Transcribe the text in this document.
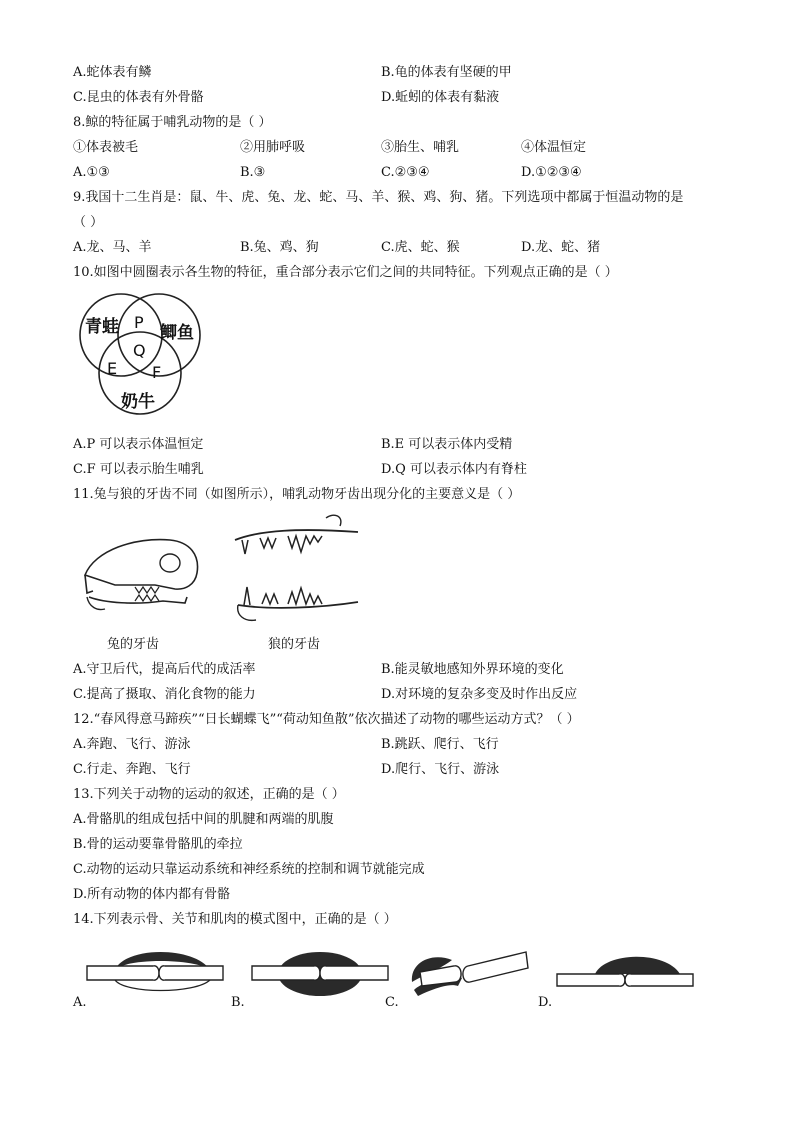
A.蛇体表有鳞	B.龟的体表有坚硬的甲
C.昆虫的体表有外骨骼	D.蚯蚓的体表有黏液
8.鲸的特征属于哺乳动物的是（ ）
①体表被毛	②用肺呼吸	③胎生、哺乳	④体温恒定
A.①③	B.③	C.②③④	D.①②③④
9.我国十二生肖是：鼠、牛、虎、兔、龙、蛇、马、羊、猴、鸡、狗、猪。下列选项中都属于恒温动物的是
（ ）
A.龙、马、羊	B.兔、鸡、狗	C.虎、蛇、猴	D.龙、蛇、猪
10.如图中圆圈表示各生物的特征，重合部分表示它们之间的共同特征。下列观点正确的是（ ）
青蛙 鲫鱼
奶牛
P
Q
E F
A.P 可以表示体温恒定	B.E 可以表示体内受精
C.F 可以表示胎生哺乳	D.Q 可以表示体内有脊柱
11.兔与狼的牙齿不同（如图所示），哺乳动物牙齿出现分化的主要意义是（ ）
兔的牙齿	狼的牙齿
A.守卫后代，提高后代的成活率	B.能灵敏地感知外界环境的变化
C.提高了摄取、消化食物的能力	D.对环境的复杂多变及时作出反应
12.“春风得意马蹄疾”“日长蝴蝶飞”“荷动知鱼散”依次描述了动物的哪些运动方式？（ ）
A.奔跑、飞行、游泳	B.跳跃、爬行、飞行
C.行走、奔跑、飞行	D.爬行、飞行、游泳
13.下列关于动物的运动的叙述，正确的是（ ）
A.骨骼肌的组成包括中间的肌腱和两端的肌腹
B.骨的运动要靠骨骼肌的牵拉
C.动物的运动只靠运动系统和神经系统的控制和调节就能完成
D.所有动物的体内都有骨骼
14.下列表示骨、关节和肌肉的模式图中，正确的是（ ）
A.	B.	C.	D.
